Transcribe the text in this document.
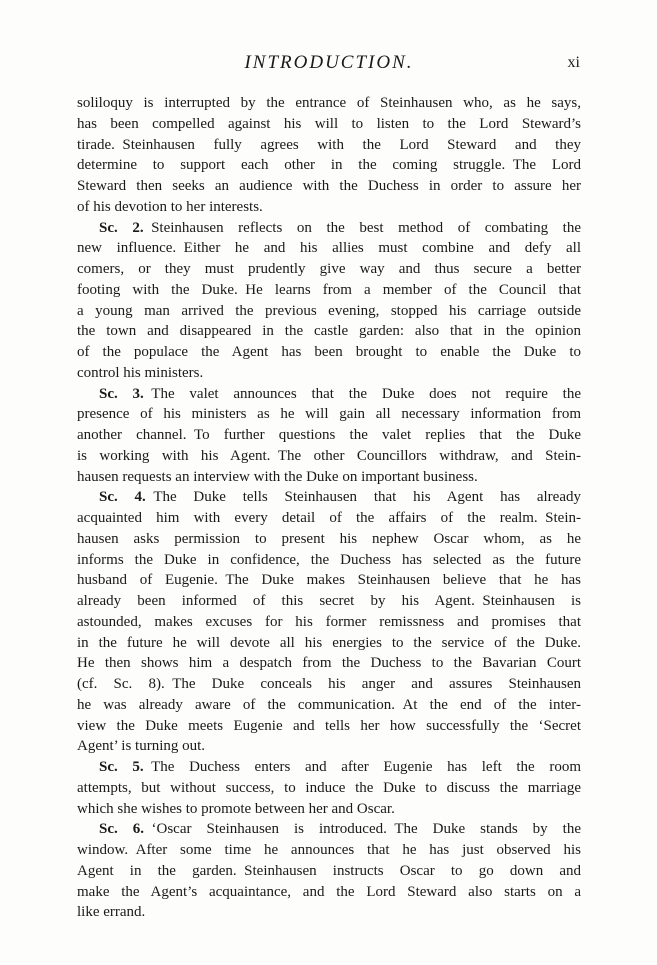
INTRODUCTION.	xi
soliloquy is interrupted by the entrance of Steinhausen who, as he says,
has been compelled against his will to listen to the Lord Steward’s
tirade. Steinhausen fully agrees with the Lord Steward and they
determine to support each other in the coming struggle. The Lord
Steward then seeks an audience with the Duchess in order to assure her
of his devotion to her interests.
Sc. 2.  Steinhausen reflects on the best method of combating the
new influence. Either he and his allies must combine and defy all
comers, or they must prudently give way and thus secure a better
footing with the Duke. He learns from a member of the Council that
a young man arrived the previous evening, stopped his carriage outside
the town and disappeared in the castle garden: also that in the opinion
of the populace the Agent has been brought to enable the Duke to
control his ministers.
Sc. 3.  The valet announces that the Duke does not require the
presence of his ministers as he will gain all necessary information from
another channel. To further questions the valet replies that the Duke
is working with his Agent. The other Councillors withdraw, and Stein-
hausen requests an interview with the Duke on important business.
Sc. 4.  The Duke tells Steinhausen that his Agent has already
acquainted him with every detail of the affairs of the realm. Stein-
hausen asks permission to present his nephew Oscar whom, as he
informs the Duke in confidence, the Duchess has selected as the future
husband of Eugenie. The Duke makes Steinhausen believe that he has
already been informed of this secret by his Agent. Steinhausen is
astounded, makes excuses for his former remissness and promises that
in the future he will devote all his energies to the service of the Duke.
He then shows him a despatch from the Duchess to the Bavarian Court
(cf. Sc. 8). The Duke conceals his anger and assures Steinhausen
he was already aware of the communication. At the end of the inter-
view the Duke meets Eugenie and tells her how successfully the ‘Secret
Agent’ is turning out.
Sc. 5.  The Duchess enters and after Eugenie has left the room
attempts, but without success, to induce the Duke to discuss the marriage
which she wishes to promote between her and Oscar.
Sc. 6.  ‘Oscar Steinhausen is introduced. The Duke stands by the
window. After some time he announces that he has just observed his
Agent in the garden. Steinhausen instructs Oscar to go down and
make the Agent’s acquaintance, and the Lord Steward also starts on a
like errand.
